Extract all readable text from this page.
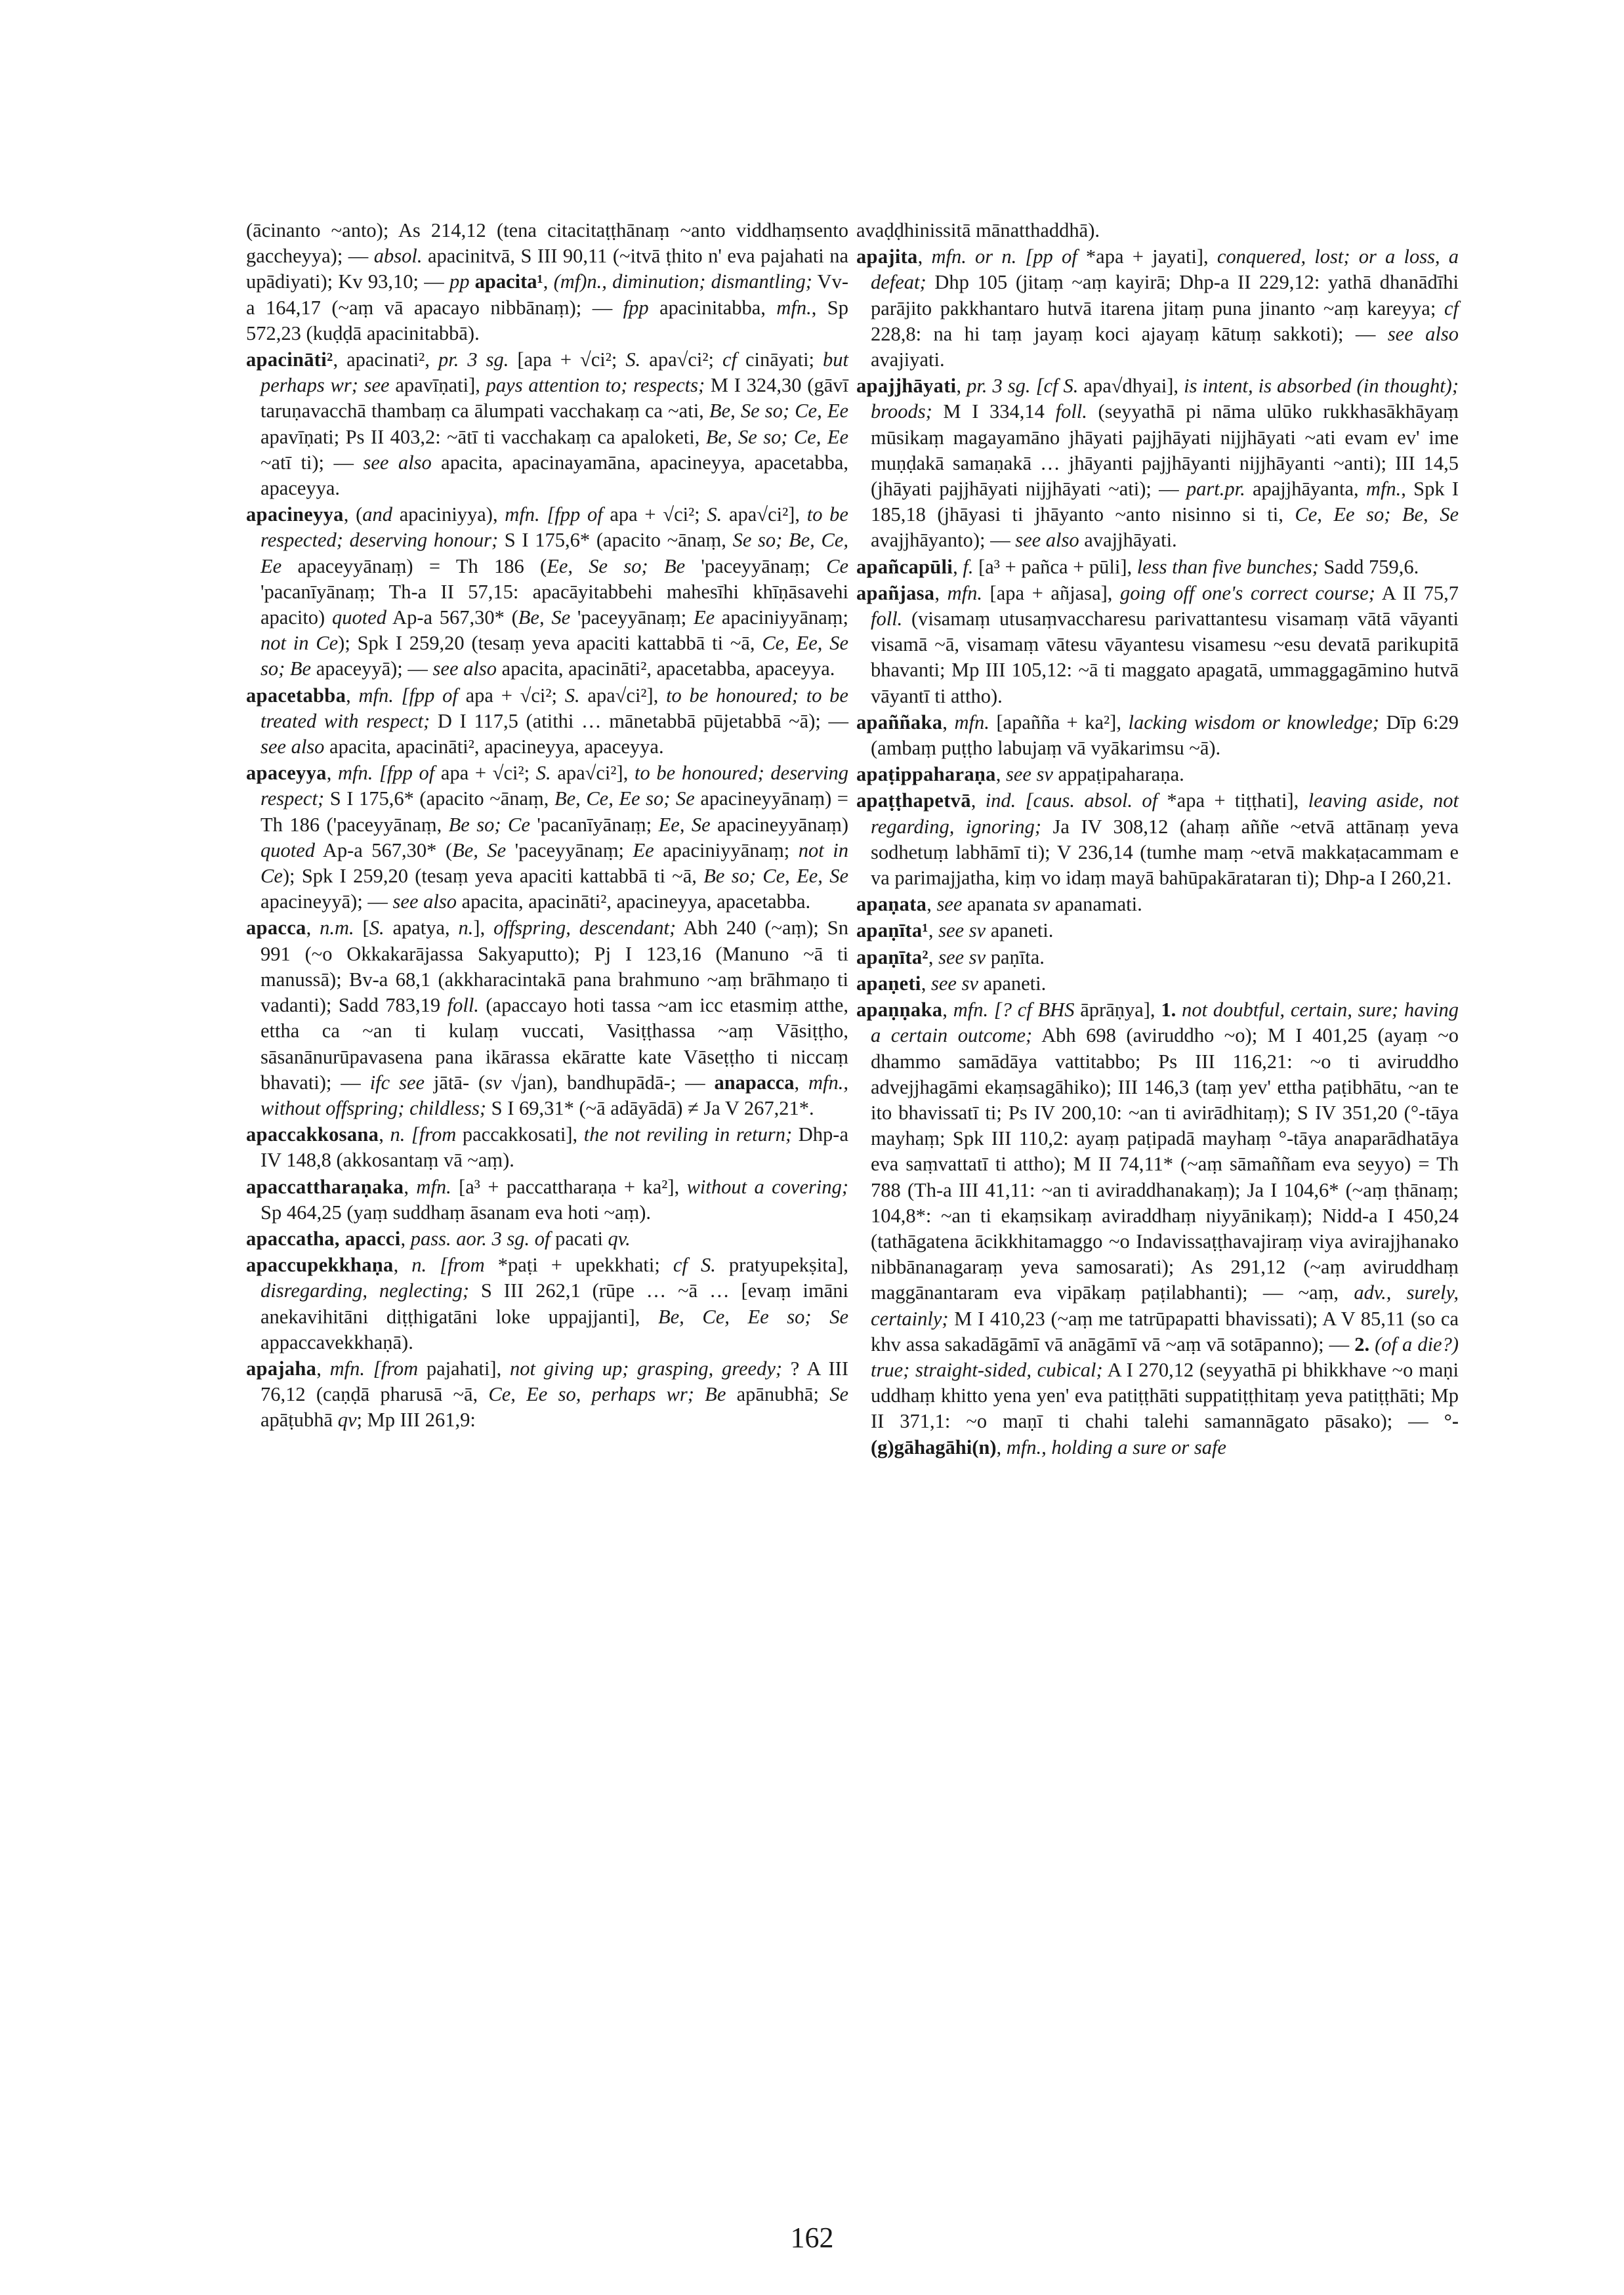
(ācinanto ~anto); As 214,12 (tena citacitaṭṭhānaṃ ~anto viddhaṃsento gaccheyya); — absol. apacinitvā, S III 90,11 (~itvā ṭhito n' eva pajahati na upādiyati); Kv 93,10; — pp apacita¹, (mf)n., diminution; dismantling; Vv-a 164,17 (~aṃ vā apacayo nibbānaṃ); — fpp apacinitabba, mfn., Sp 572,23 (kuḍḍā apacinitabbā).

apacināti², apacinati², pr. 3 sg. [apa + √ci²; S. apa√ci²; cf cināyati; but perhaps wr; see apavīṇati], pays attention to; respects; M I 324,30 (gāvī taruṇavacchā thambaṃ ca ālumpati vacchakaṃ ca ~ati, Be, Se so; Ce, Ee apavīṇati; Ps II 403,2: ~ātī ti vacchakaṃ ca apaloketi, Be, Se so; Ce, Ee ~atī ti); — see also apacita, apacinayamāna, apacineyya, apacetabba, apaceyya.

apacineyya, (and apaciniyya), mfn. [fpp of apa + √ci²; S. apa√ci²], to be respected; deserving honour; S I 175,6* (apacito ~ānaṃ, Se so; Be, Ce, Ee apaceyyānaṃ) = Th 186 (Ee, Se so; Be 'paceyyānaṃ; Ce 'pacanīyānaṃ; Th-a II 57,15: apacāyitabbehi mahesīhi khīṇāsavehi apacito) quoted Ap-a 567,30* (Be, Se 'paceyyānaṃ; Ee apaciniyyānaṃ; not in Ce); Spk I 259,20 (tesaṃ yeva apaciti kattabbā ti ~ā, Ce, Ee, Se so; Be apaceyyā); — see also apacita, apacināti², apacetabba, apaceyya.

apacetabba, mfn. [fpp of apa + √ci²; S. apa√ci²], to be honoured; to be treated with respect; D I 117,5 (atithi … mānetabbā pūjetabbā ~ā); — see also apacita, apacināti², apacineyya, apaceyya.

apaceyya, mfn. [fpp of apa + √ci²; S. apa√ci²], to be honoured; deserving respect; S I 175,6* (apacito ~ānaṃ, Be, Ce, Ee so; Se apacineyyānaṃ) = Th 186 ('paceyyānaṃ, Be so; Ce 'pacanīyānaṃ; Ee, Se apacineyyānaṃ) quoted Ap-a 567,30* (Be, Se 'paceyyānaṃ; Ee apaciniyyānaṃ; not in Ce); Spk I 259,20 (tesaṃ yeva apaciti kattabbā ti ~ā, Be so; Ce, Ee, Se apacineyyā); — see also apacita, apacināti², apacineyya, apacetabba.

apacca, n.m. [S. apatya, n.], offspring, descendant; Abh 240 (~aṃ); Sn 991 (~o Okkakarājassa Sakyaputto); Pj I 123,16 (Manuno ~ā ti manussā); Bv-a 68,1 (akkharacintakā pana brahmuno ~aṃ brāhmaṇo ti vadanti); Sadd 783,19 foll. (apaccayo hoti tassa ~am icc etasmiṃ atthe, ettha ca ~an ti kulaṃ vuccati, Vasiṭṭhassa ~aṃ Vāsiṭṭho, sāsanānurūpavasena pana ikārassa ekāratte kate Vāseṭṭho ti niccaṃ bhavati); — ifc see jātā- (sv √jan), bandhupādā-; — anapacca, mfn., without offspring; childless; S I 69,31* (~ā adāyādā) ≠ Ja V 267,21*.

apaccakkosana, n. [from paccakkosati], the not reviling in return; Dhp-a IV 148,8 (akkosantaṃ vā ~aṃ).

apaccattharaṇaka, mfn. [a³ + paccattharaṇa + ka²], without a covering; Sp 464,25 (yaṃ suddhaṃ āsanam eva hoti ~aṃ).

apaccatha, apacci, pass. aor. 3 sg. of pacati qv.

apaccupekkhaṇa, n. [from *paṭi + upekkhati; cf S. pratyupekṣita], disregarding, neglecting; S III 262,1 (rūpe … ~ā … [evaṃ imāni anekavihitāni diṭṭhigatāni loke uppajjanti], Be, Ce, Ee so; Se appaccavekkhaṇā).

apajaha, mfn. [from pajahati], not giving up; grasping, greedy; ? A III 76,12 (caṇḍā pharusā ~ā, Ce, Ee so, perhaps wr; Be apānubhā; Se apāṭubhā qv; Mp III 261,9:

avaḍḍhinissitā mānatthaddhā).

apajita, mfn. or n. [pp of *apa + jayati], conquered, lost; or a loss, a defeat; Dhp 105 (jitaṃ ~aṃ kayirā; Dhp-a II 229,12: yathā dhanādīhi parājito pakkhantaro hutvā itarena jitaṃ puna jinanto ~aṃ kareyya; cf 228,8: na hi taṃ jayaṃ koci ajayaṃ kātuṃ sakkoti); — see also avajiyati.

apajjhāyati, pr. 3 sg. [cf S. apa√dhyai], is intent, is absorbed (in thought); broods; M I 334,14 foll. (seyyathā pi nāma ulūko rukkhasākhāyaṃ mūsikaṃ magayamāno jhāyati pajjhāyati nijjhāyati ~ati evam ev' ime muṇḍakā samaṇakā … jhāyanti pajjhāyanti nijjhāyanti ~anti); III 14,5 (jhāyati pajjhāyati nijjhāyati ~ati); — part.pr. apajjhāyanta, mfn., Spk I 185,18 (jhāyasi ti jhāyanto ~anto nisinno si ti, Ce, Ee so; Be, Se avajjhāyanto); — see also avajjhāyati.

apañcapūli, f. [a³ + pañca + pūli], less than five bunches; Sadd 759,6.

apañjasa, mfn. [apa + añjasa], going off one's correct course; A II 75,7 foll. (visamaṃ utusaṃvaccharesu parivattantesu visamaṃ vātā vāyanti visamā ~ā, visamaṃ vātesu vāyantesu visamesu ~esu devatā parikupitā bhavanti; Mp III 105,12: ~ā ti maggato apagatā, ummaggagāmino hutvā vāyantī ti attho).

apaññaka, mfn. [apañña + ka²], lacking wisdom or knowledge; Dīp 6:29 (ambaṃ puṭṭho labujaṃ vā vyākarimsu ~ā).

apaṭippaharaṇa, see sv appaṭipaharaṇa.

apaṭṭhapetvā, ind. [caus. absol. of *apa + tiṭṭhati], leaving aside, not regarding, ignoring; Ja IV 308,12 (ahaṃ aññe ~etvā attānaṃ yeva sodhetuṃ labhāmī ti); V 236,14 (tumhe maṃ ~etvā makkaṭacammam e va parimajjatha, kiṃ vo idaṃ mayā bahūpakārataran ti); Dhp-a I 260,21.

apaṇata, see apanata sv apanamati.

apaṇīta¹, see sv apaneti.

apaṇīta², see sv paṇīta.

apaṇeti, see sv apaneti.

apaṇṇaka, mfn. [? cf BHS āprāṇya], 1. not doubtful, certain, sure; having a certain outcome; Abh 698 (aviruddho ~o); M I 401,25 (ayaṃ ~o dhammo samādāya vattitabbo; Ps III 116,21: ~o ti aviruddho advejjhagāmi ekaṃsagāhiko); III 146,3 (taṃ yev' ettha paṭibhātu, ~an te ito bhavissatī ti; Ps IV 200,10: ~an ti avirādhitaṃ); S IV 351,20 (°-tāya mayhaṃ; Spk III 110,2: ayaṃ paṭipadā mayhaṃ °-tāya anaparādhatāya eva saṃvattatī ti attho); M II 74,11* (~aṃ sāmaññam eva seyyo) = Th 788 (Th-a III 41,11: ~an ti aviraddhanakaṃ); Ja I 104,6* (~aṃ ṭhānaṃ; 104,8*: ~an ti ekaṃsikaṃ aviraddhaṃ niyyānikaṃ); Nidd-a I 450,24 (tathāgatena ācikkhitamaggo ~o Indavissaṭṭhavajiraṃ viya avirajjhanako nibbānanagaraṃ yeva samosarati); As 291,12 (~aṃ aviruddhaṃ maggānantaram eva vipākaṃ paṭilabhanti); — ~aṃ, adv., surely, certainly; M I 410,23 (~aṃ me tatrūpapatti bhavissati); A V 85,11 (so ca khv assa sakadāgāmī vā anāgāmī vā ~aṃ vā sotāpanno); — 2. (of a die?) true; straight-sided, cubical; A I 270,12 (seyyathā pi bhikkhave ~o maṇi uddhaṃ khitto yena yen' eva patiṭṭhāti suppatiṭṭhitaṃ yeva patiṭṭhāti; Mp II 371,1: ~o maṇī ti chahi talehi samannāgato pāsako); — °-(g)gāhagāhi(n), mfn., holding a sure or safe

162
